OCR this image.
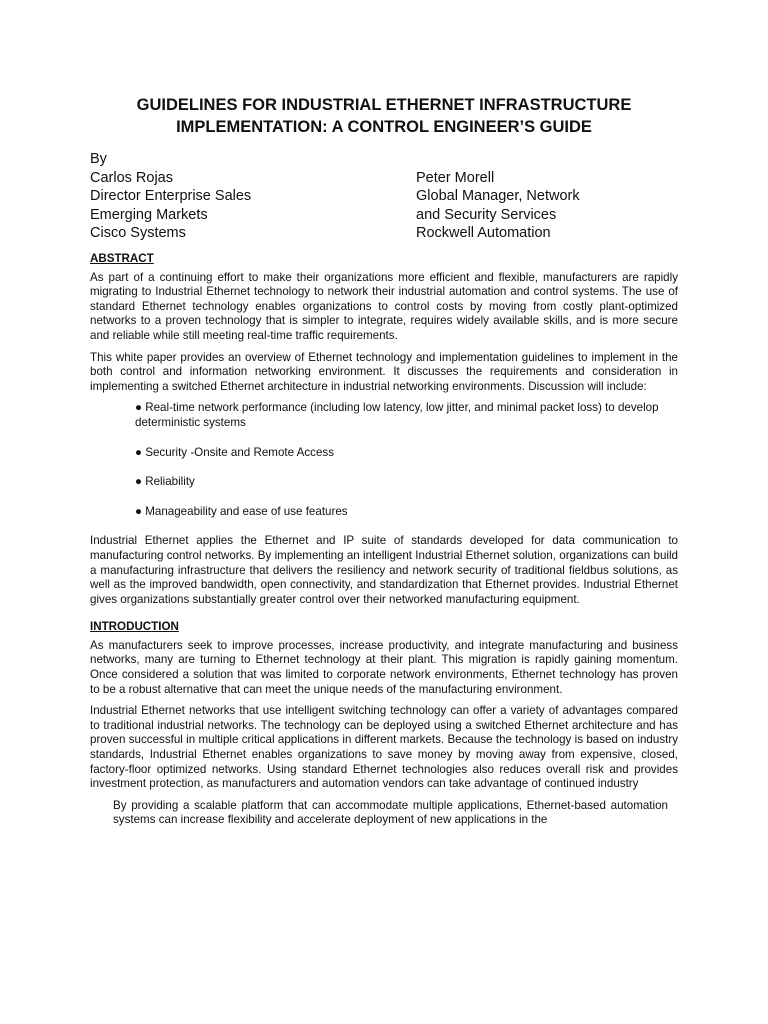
GUIDELINES FOR INDUSTRIAL ETHERNET INFRASTRUCTURE
IMPLEMENTATION: A CONTROL ENGINEER’S GUIDE
By
Carlos Rojas
Director Enterprise Sales
Emerging Markets
Cisco Systems
Peter Morell
Global Manager, Network
and Security Services
Rockwell Automation
ABSTRACT

As part of a continuing effort to make their organizations more efficient and flexible, manufacturers are rapidly migrating to Industrial Ethernet technology to network their industrial automation and control systems. The use of standard Ethernet technology enables organizations to control costs by moving from costly plant-optimized networks to a proven technology that is simpler to integrate, requires widely available skills, and is more secure and reliable while still meeting real-time traffic requirements.

This white paper provides an overview of Ethernet technology and implementation guidelines to implement in the both control and information networking environment. It discusses the requirements and consideration in implementing a switched Ethernet architecture in industrial networking environments. Discussion will include:

● Real-time network performance (including low latency, low jitter, and minimal packet loss) to develop deterministic systems
● Security -Onsite and Remote Access
● Reliability
● Manageability and ease of use features

Industrial Ethernet applies the Ethernet and IP suite of standards developed for data communication to manufacturing control networks. By implementing an intelligent Industrial Ethernet solution, organizations can build a manufacturing infrastructure that delivers the resiliency and network security of traditional fieldbus solutions, as well as the improved bandwidth, open connectivity, and standardization that Ethernet provides. Industrial Ethernet gives organizations substantially greater control over their networked manufacturing equipment.

INTRODUCTION

As manufacturers seek to improve processes, increase productivity, and integrate manufacturing and business networks, many are turning to Ethernet technology at their plant. This migration is rapidly gaining momentum. Once considered a solution that was limited to corporate network environments, Ethernet technology has proven to be a robust alternative that can meet the unique needs of the manufacturing environment.

Industrial Ethernet networks that use intelligent switching technology can offer a variety of advantages compared to traditional industrial networks. The technology can be deployed using a switched Ethernet architecture and has proven successful in multiple critical applications in different markets. Because the technology is based on industry standards, Industrial Ethernet enables organizations to save money by moving away from expensive, closed, factory-floor optimized networks. Using standard Ethernet technologies also reduces overall risk and provides investment protection, as manufacturers and automation vendors can take advantage of continued industry

By providing a scalable platform that can accommodate multiple applications, Ethernet-based automation systems can increase flexibility and accelerate deployment of new applications in the
